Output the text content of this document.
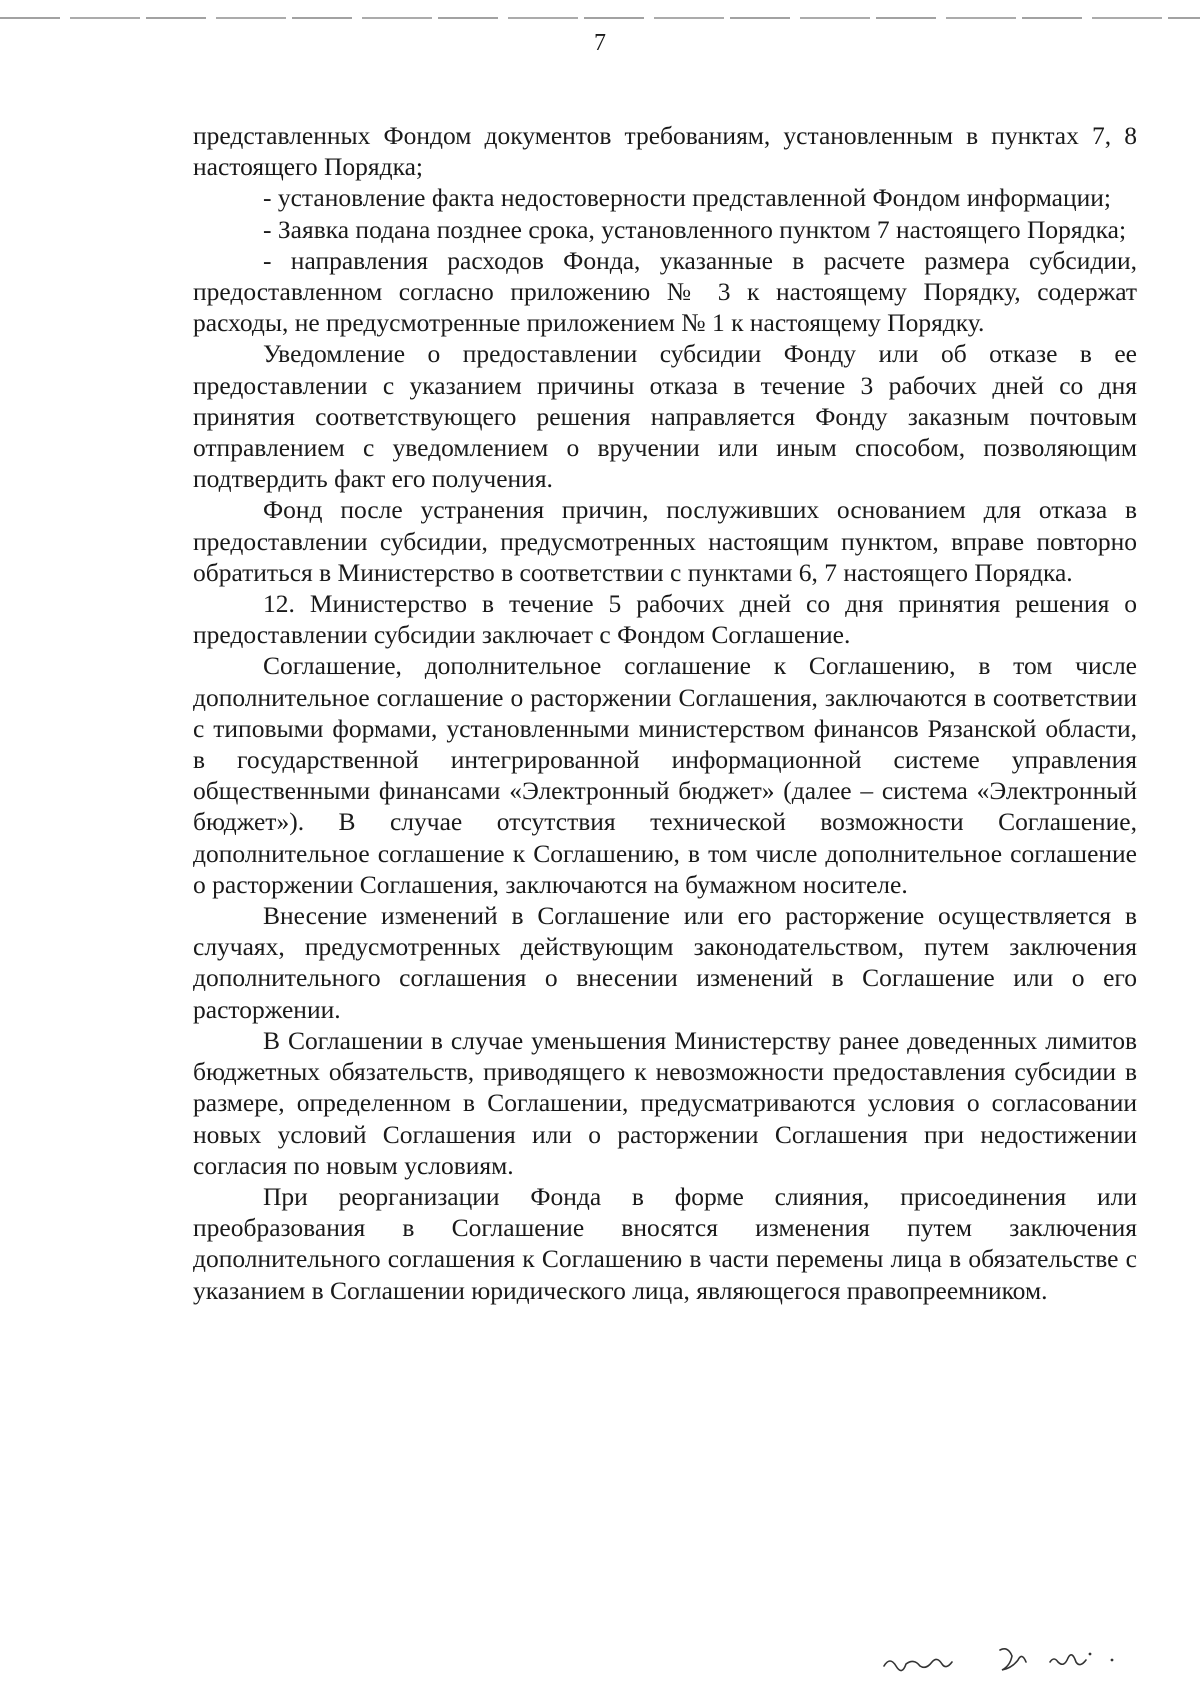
7

представленных Фондом документов требованиям, установленным в пунктах 7, 8 настоящего Порядка;

- установление факта недостоверности представленной Фондом информации;

- Заявка подана позднее срока, установленного пунктом 7 настоящего Порядка;

- направления расходов Фонда, указанные в расчете размера субсидии, предоставленном согласно приложению № 3 к настоящему Порядку, содержат расходы, не предусмотренные приложением № 1 к настоящему Порядку.

Уведомление о предоставлении субсидии Фонду или об отказе в ее предоставлении с указанием причины отказа в течение 3 рабочих дней со дня принятия соответствующего решения направляется Фонду заказным почтовым отправлением с уведомлением о вручении или иным способом, позволяющим подтвердить факт его получения.

Фонд после устранения причин, послуживших основанием для отказа в предоставлении субсидии, предусмотренных настоящим пунктом, вправе повторно обратиться в Министерство в соответствии с пунктами 6, 7 настоящего Порядка.

12. Министерство в течение 5 рабочих дней со дня принятия решения о предоставлении субсидии заключает с Фондом Соглашение.

Соглашение, дополнительное соглашение к Соглашению, в том числе дополнительное соглашение о расторжении Соглашения, заключаются в соответствии с типовыми формами, установленными министерством финансов Рязанской области, в государственной интегрированной информационной системе управления общественными финансами «Электронный бюджет» (далее – система «Электронный бюджет»). В случае отсутствия технической возможности Соглашение, дополнительное соглашение к Соглашению, в том числе дополнительное соглашение о расторжении Соглашения, заключаются на бумажном носителе.

Внесение изменений в Соглашение или его расторжение осуществляется в случаях, предусмотренных действующим законодательством, путем заключения дополнительного соглашения о внесении изменений в Соглашение или о его расторжении.

В Соглашении в случае уменьшения Министерству ранее доведенных лимитов бюджетных обязательств, приводящего к невозможности предоставления субсидии в размере, определенном в Соглашении, предусматриваются условия о согласовании новых условий Соглашения или о расторжении Соглашения при недостижении согласия по новым условиям.

При реорганизации Фонда в форме слияния, присоединения или преобразования в Соглашение вносятся изменения путем заключения дополнительного соглашения к Соглашению в части перемены лица в обязательстве с указанием в Соглашении юридического лица, являющегося правопреемником.
